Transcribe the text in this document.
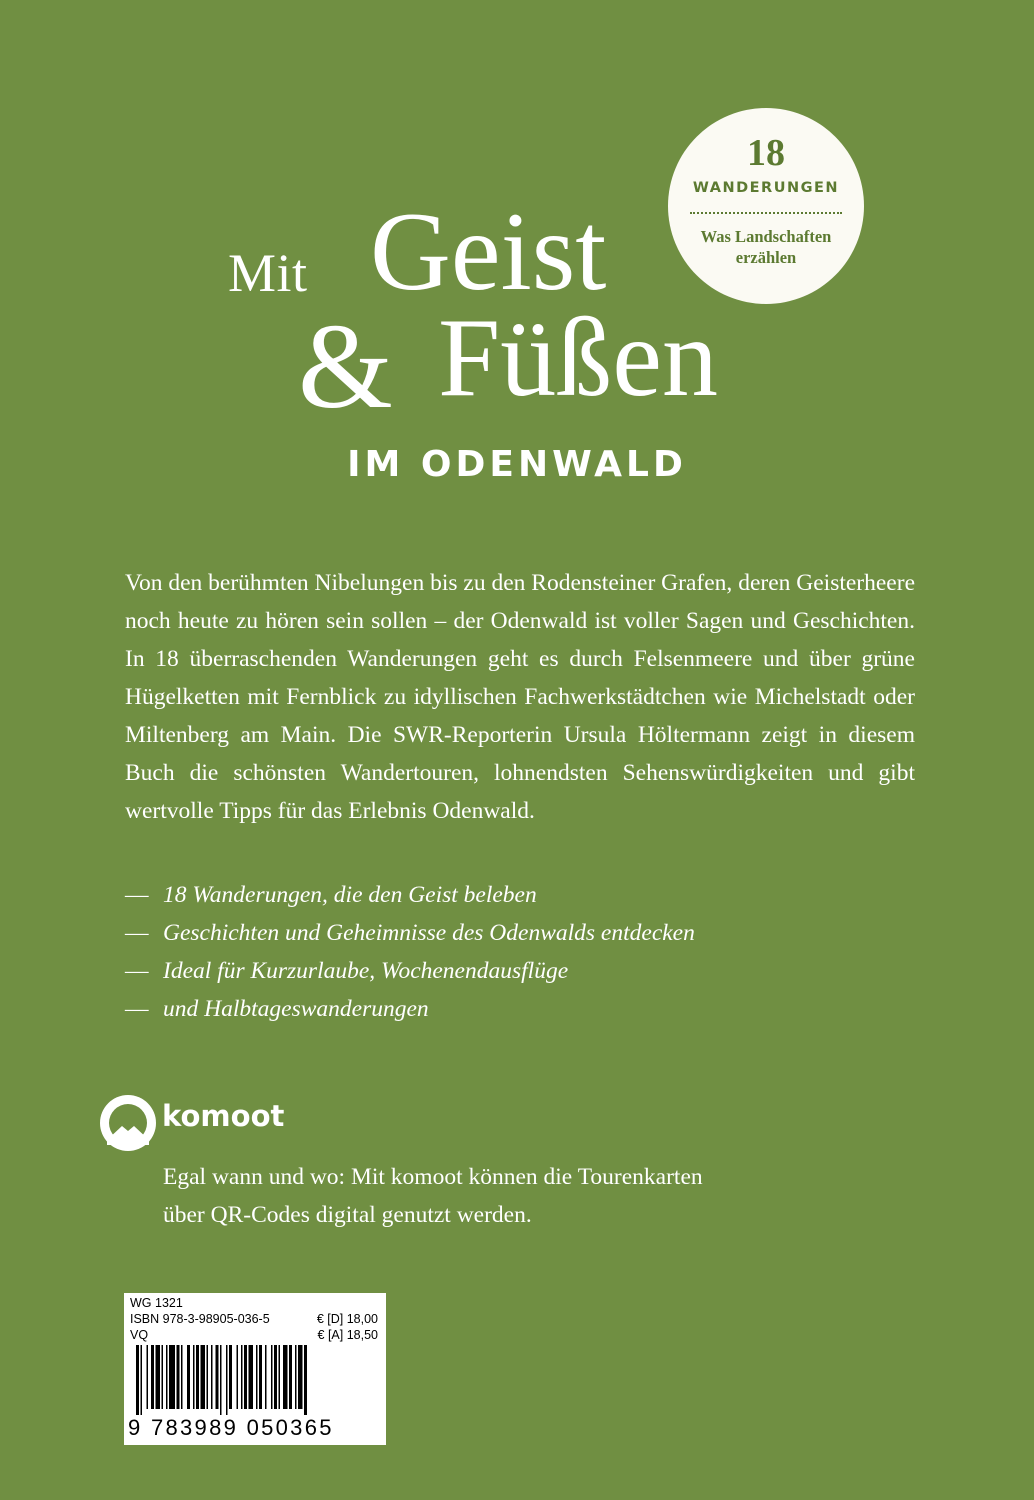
Mit Geist
& Füßen
IM ODENWALD
18
WANDERUNGEN
Was Landschaften
erzählen

Von den berühmten Nibelungen bis zu den Rodensteiner Grafen, deren Geisterheere noch heute zu hören sein sollen – der Odenwald ist voller Sagen und Geschichten. In 18 überraschenden Wanderungen geht es durch Felsenmeere und über grüne Hügelketten mit Fernblick zu idyllischen Fachwerkstädtchen wie Michelstadt oder Miltenberg am Main. Die SWR-Reporterin Ursula Höltermann zeigt in diesem Buch die schönsten Wandertouren, lohnendsten Sehenswürdigkeiten und gibt wertvolle Tipps für das Erlebnis Odenwald.

— 18 Wanderungen, die den Geist beleben
— Geschichten und Geheimnisse des Odenwalds entdecken
— Ideal für Kurzurlaube, Wochenendausflüge
— und Halbtageswanderungen
komoot
Egal wann und wo: Mit komoot können die Tourenkarten
über QR-Codes digital genutzt werden.
WG 1321
ISBN 978-3-98905-036-5	€ [D] 18,00
VQ	€ [A] 18,50
9 783989 050365
